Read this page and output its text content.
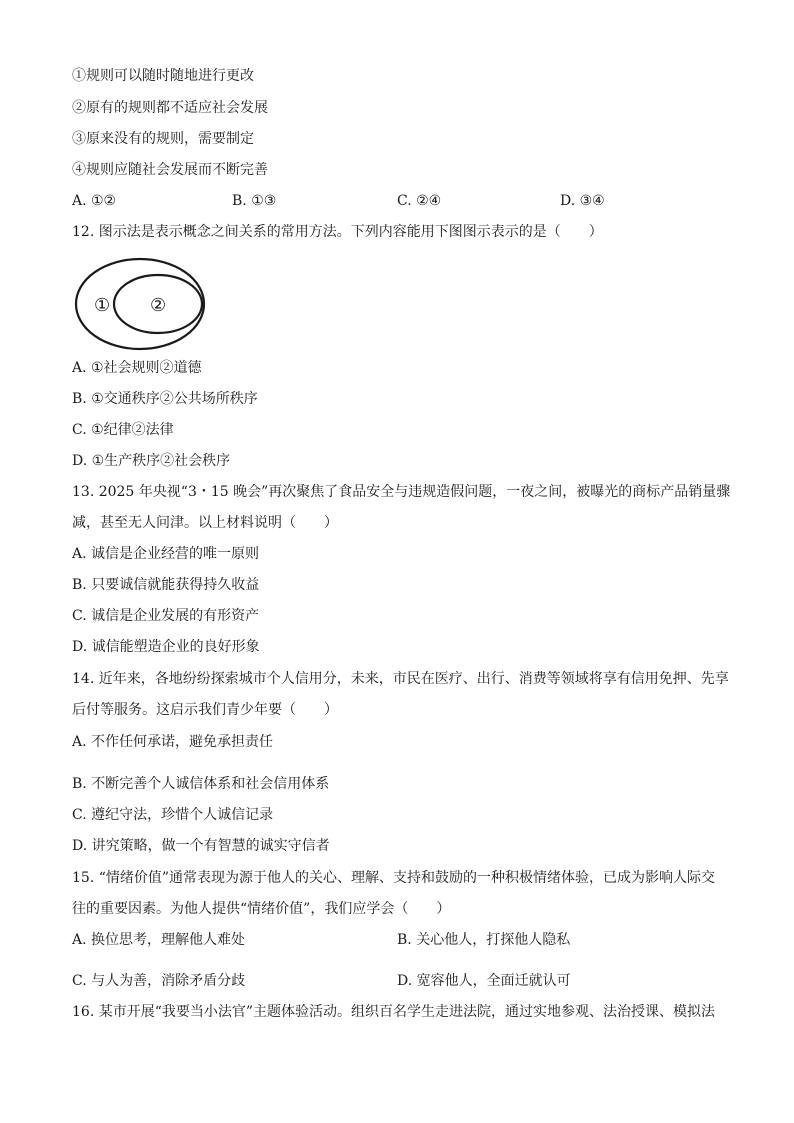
①规则可以随时随地进行更改
②原有的规则都不适应社会发展
③原来没有的规则，需要制定
④规则应随社会发展而不断完善
A. ①②	B. ①③	C. ②④	D. ③④
12. 图示法是表示概念之间关系的常用方法。下列内容能用下图图示表示的是（　　）
① ②
A. ①社会规则②道德
B. ①交通秩序②公共场所秩序
C. ①纪律②法律
D. ①生产秩序②社会秩序
13. 2025 年央视“3・15 晚会”再次聚焦了食品安全与违规造假问题，一夜之间，被曝光的商标产品销量骤
减，甚至无人问津。以上材料说明（　　）
A. 诚信是企业经营的唯一原则
B. 只要诚信就能获得持久收益
C. 诚信是企业发展的有形资产
D. 诚信能塑造企业的良好形象
14. 近年来，各地纷纷探索城市个人信用分，未来，市民在医疗、出行、消费等领域将享有信用免押、先享
后付等服务。这启示我们青少年要（　　）
A. 不作任何承诺，避免承担责任
B. 不断完善个人诚信体系和社会信用体系
C. 遵纪守法，珍惜个人诚信记录
D. 讲究策略，做一个有智慧的诚实守信者
15. “情绪价值”通常表现为源于他人的关心、理解、支持和鼓励的一种积极情绪体验，已成为影响人际交
往的重要因素。为他人提供“情绪价值”，我们应学会（　　）
A. 换位思考，理解他人难处	B. 关心他人，打探他人隐私
C. 与人为善，消除矛盾分歧	D. 宽容他人，全面迁就认可
16. 某市开展“我要当小法官”主题体验活动。组织百名学生走进法院，通过实地参观、法治授课、模拟法
